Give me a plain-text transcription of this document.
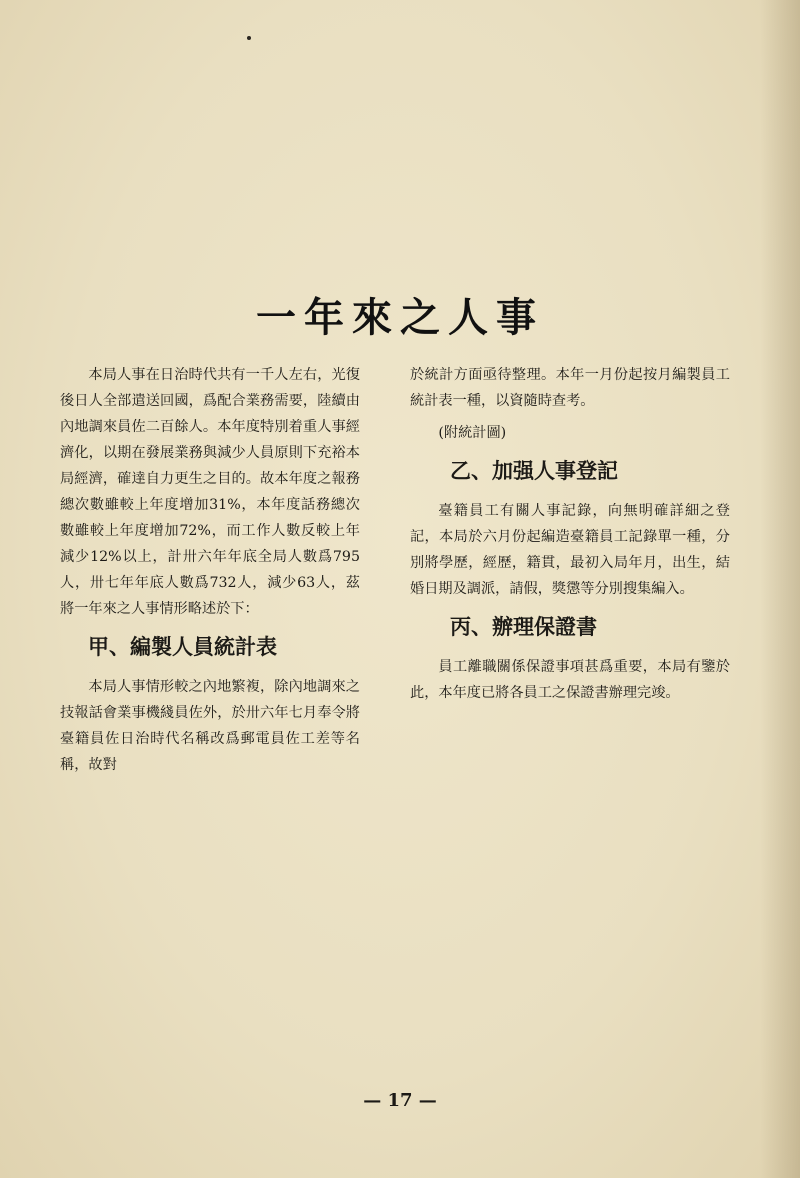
一年來之人事

本局人事在日治時代共有一千人左右，光復後日人全部遣送回國，爲配合業務需要，陸續由內地調來員佐二百餘人。本年度特別着重人事經濟化，以期在發展業務與減少人員原則下充裕本局經濟，確達自力更生之目的。故本年度之報務總次數雖較上年度增加31%，本年度話務總次數雖較上年度增加72%，而工作人數反較上年減少12%以上，計卅六年年底全局人數爲795人，卅七年年底人數爲732人，減少63人，茲將一年來之人事情形略述於下：

甲、編製人員統計表

本局人事情形較之內地繁複，除內地調來之技報話會業事機綫員佐外，於卅六年七月奉令將臺籍員佐日治時代名稱改爲郵電員佐工差等名稱，故對

於統計方面亟待整理。本年一月份起按月編製員工統計表一種，以資隨時查考。

(附統計圖)
乙、加强人事登記

臺籍員工有關人事記錄，向無明確詳細之登記，本局於六月份起編造臺籍員工記錄單一種，分別將學歷，經歷，籍貫，最初入局年月，出生，結婚日期及調派，請假，獎懲等分別搜集編入。

丙、辦理保證書

員工離職關係保證事項甚爲重要，本局有鑒於此，本年度已將各員工之保證書辦理完竣。

— 17 —
